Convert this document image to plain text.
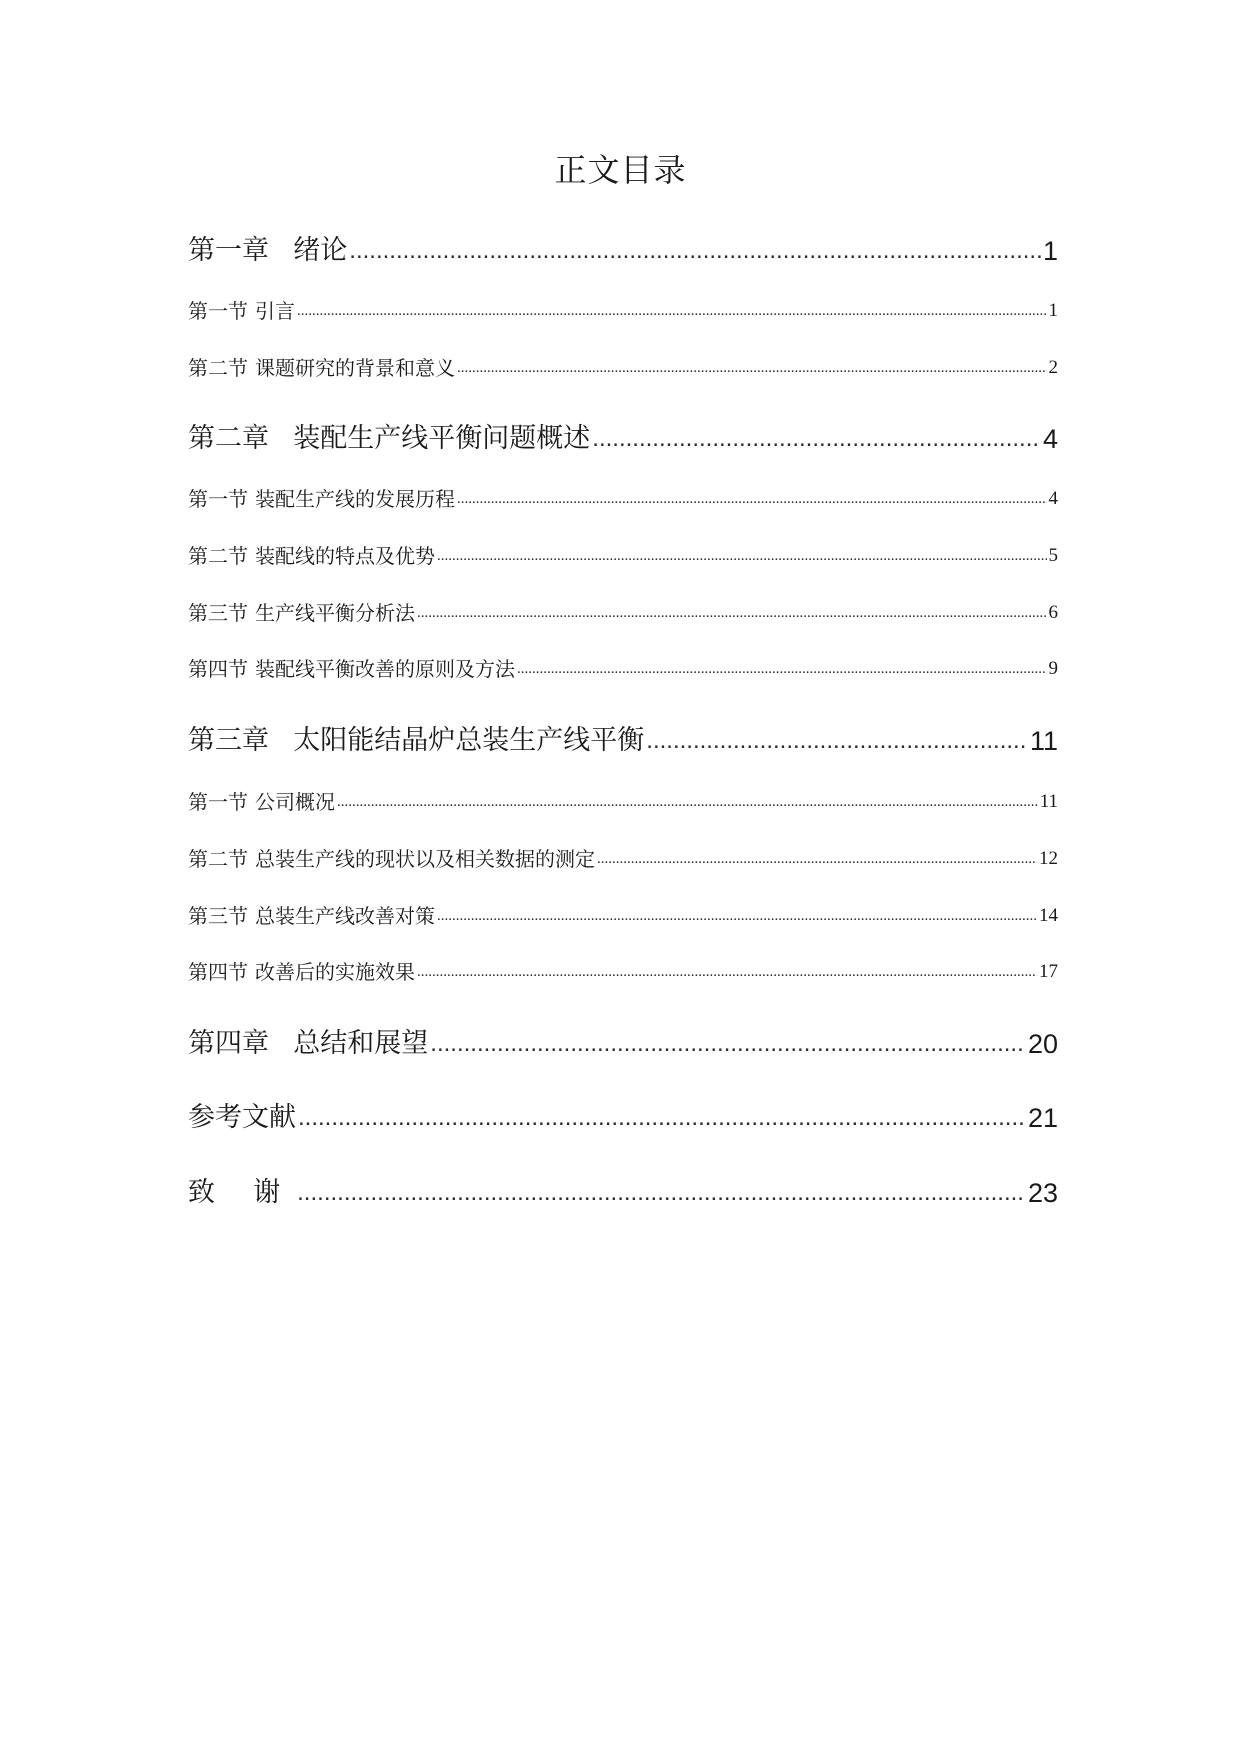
正文目录
第一章 绪论 .....	1
第一节 引言 .....	1
第二节 课题研究的背景和意义 .....	2
第二章 装配生产线平衡问题概述 .....	4
第一节 装配生产线的发展历程 .....	4
第二节 装配线的特点及优势 .....	5
第三节 生产线平衡分析法 .....	6
第四节 装配线平衡改善的原则及方法 .....	9
第三章 太阳能结晶炉总装生产线平衡 .....	11
第一节 公司概况 .....	11
第二节 总装生产线的现状以及相关数据的测定 .....	12
第三节 总装生产线改善对策 .....	14
第四节 改善后的实施效果 .....	17
第四章 总结和展望 .....	20
参考文献 .....	21
致 谢 .....	23
